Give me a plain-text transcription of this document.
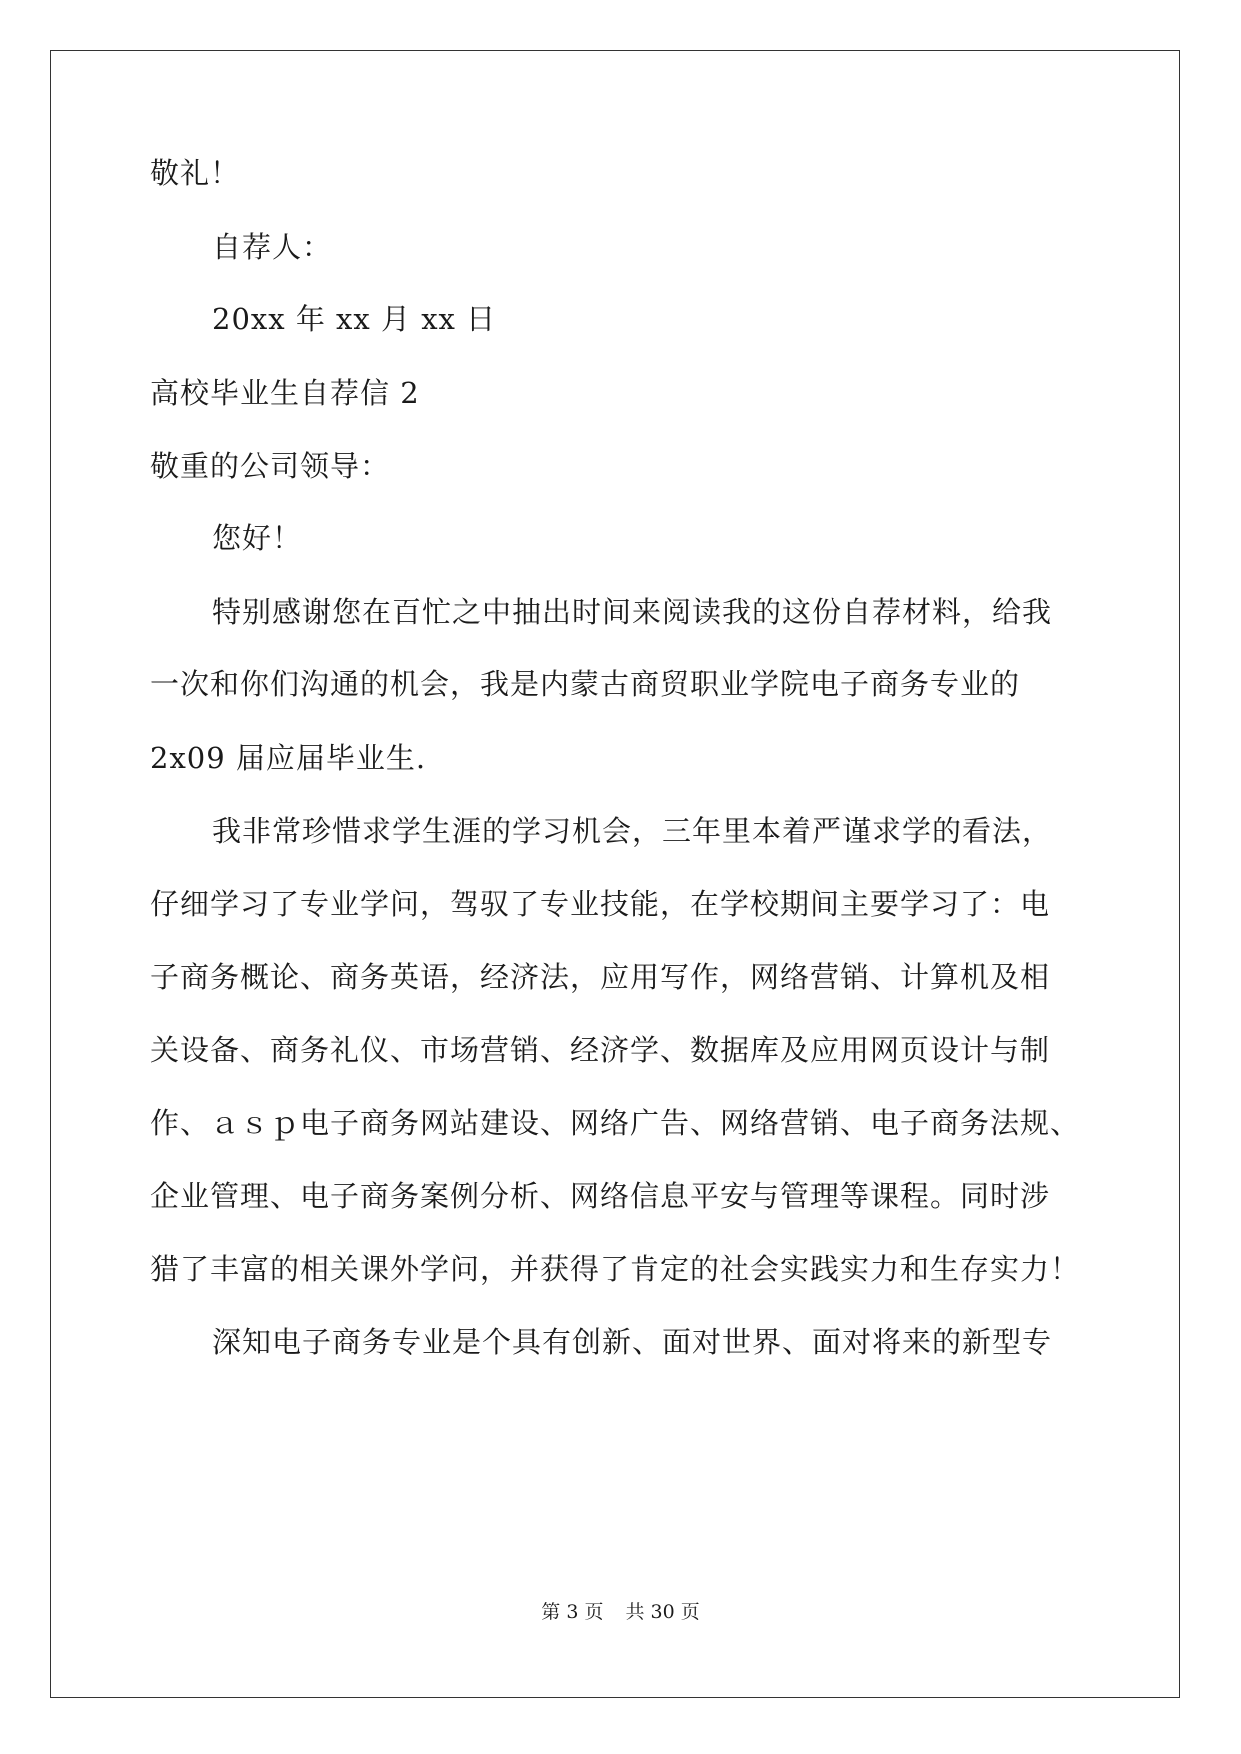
敬礼！
自荐人：
20xx 年 xx 月 xx 日
高校毕业生自荐信 2
敬重的公司领导：
您好！
特别感谢您在百忙之中抽出时间来阅读我的这份自荐材料，给我
一次和你们沟通的机会，我是内蒙古商贸职业学院电子商务专业的
2x09 届应届毕业生.
我非常珍惜求学生涯的学习机会，三年里本着严谨求学的看法，
仔细学习了专业学问，驾驭了专业技能，在学校期间主要学习了：电
子商务概论、商务英语，经济法，应用写作，网络营销、计算机及相
关设备、商务礼仪、市场营销、经济学、数据库及应用网页设计与制
作、ａｓｐ电子商务网站建设、网络广告、网络营销、电子商务法规、
企业管理、电子商务案例分析、网络信息平安与管理等课程。同时涉
猎了丰富的相关课外学问，并获得了肯定的社会实践实力和生存实力！
深知电子商务专业是个具有创新、面对世界、面对将来的新型专
第 3 页 共 30 页
